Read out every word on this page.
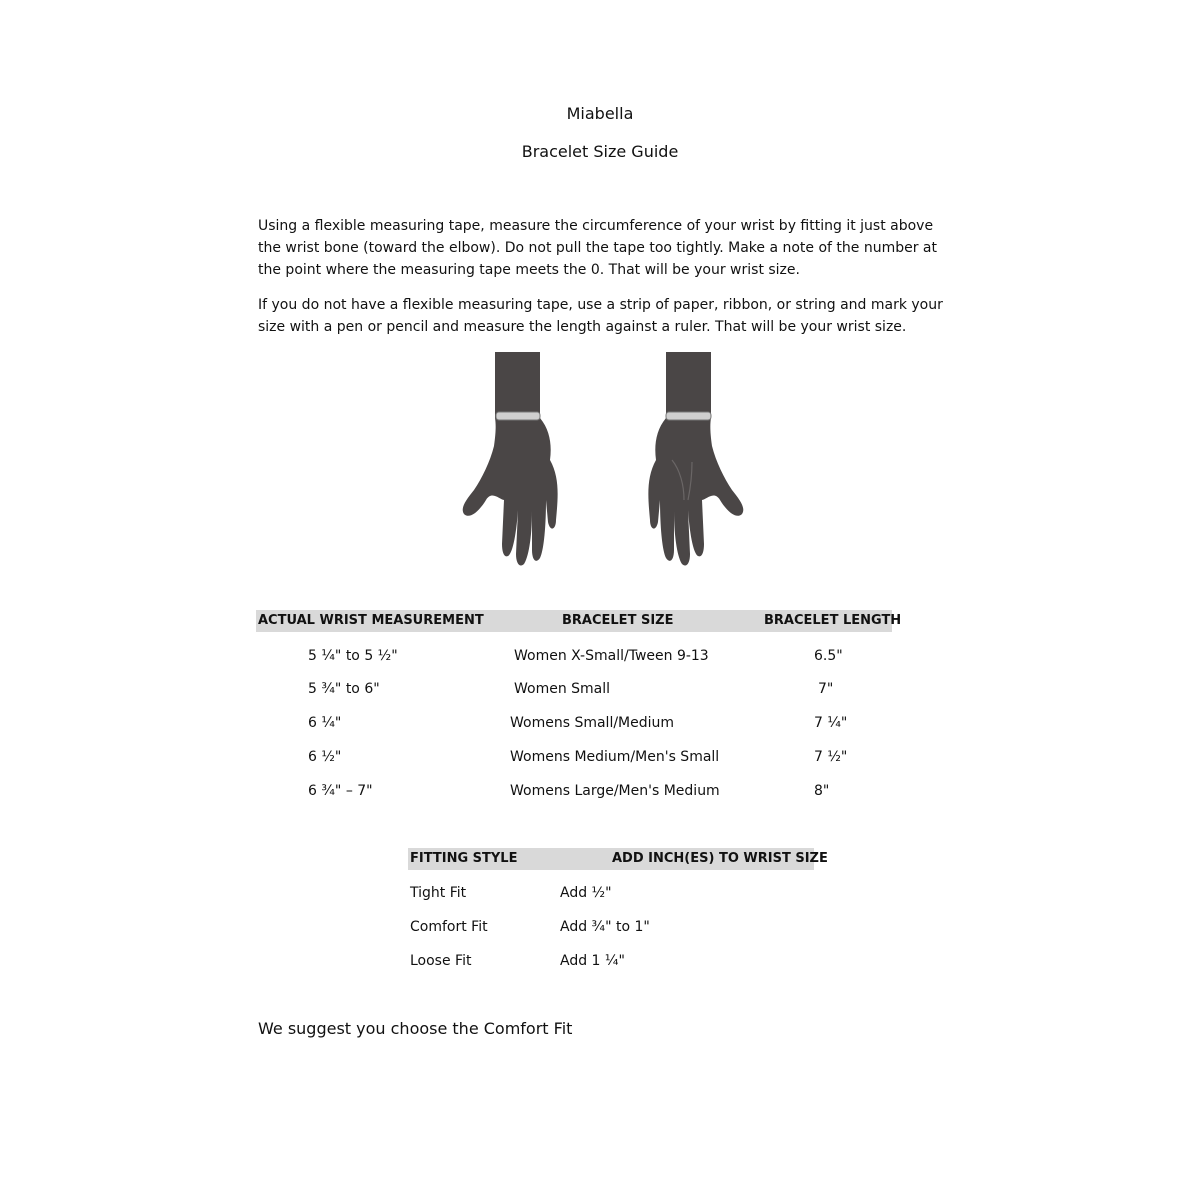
Miabella
Bracelet Size Guide
Using a flexible measuring tape, measure the circumference of your wrist by fitting it just above the wrist bone (toward the elbow). Do not pull the tape too tightly. Make a note of the number at the point where the measuring tape meets the 0. That will be your wrist size.
If you do not have a flexible measuring tape, use a strip of paper, ribbon, or string and mark your size with a pen or pencil and measure the length against a ruler. That will be your wrist size.
ACTUAL WRIST MEASUREMENT	BRACELET SIZE	BRACELET LENGTH
5 ¼" to 5 ½"	Women X-Small/Tween 9-13	6.5"
5 ¾" to 6"	Women Small	7"
6 ¼"	Womens Small/Medium	7 ¼"
6 ½"	Womens Medium/Men's Small	7 ½"
6 ¾" – 7"	Womens Large/Men's Medium	8"
FITTING STYLE	ADD INCH(ES) TO WRIST SIZE
Tight Fit	Add ½"
Comfort Fit	Add ¾" to 1"
Loose Fit	Add 1 ¼"
We suggest you choose the Comfort Fit
